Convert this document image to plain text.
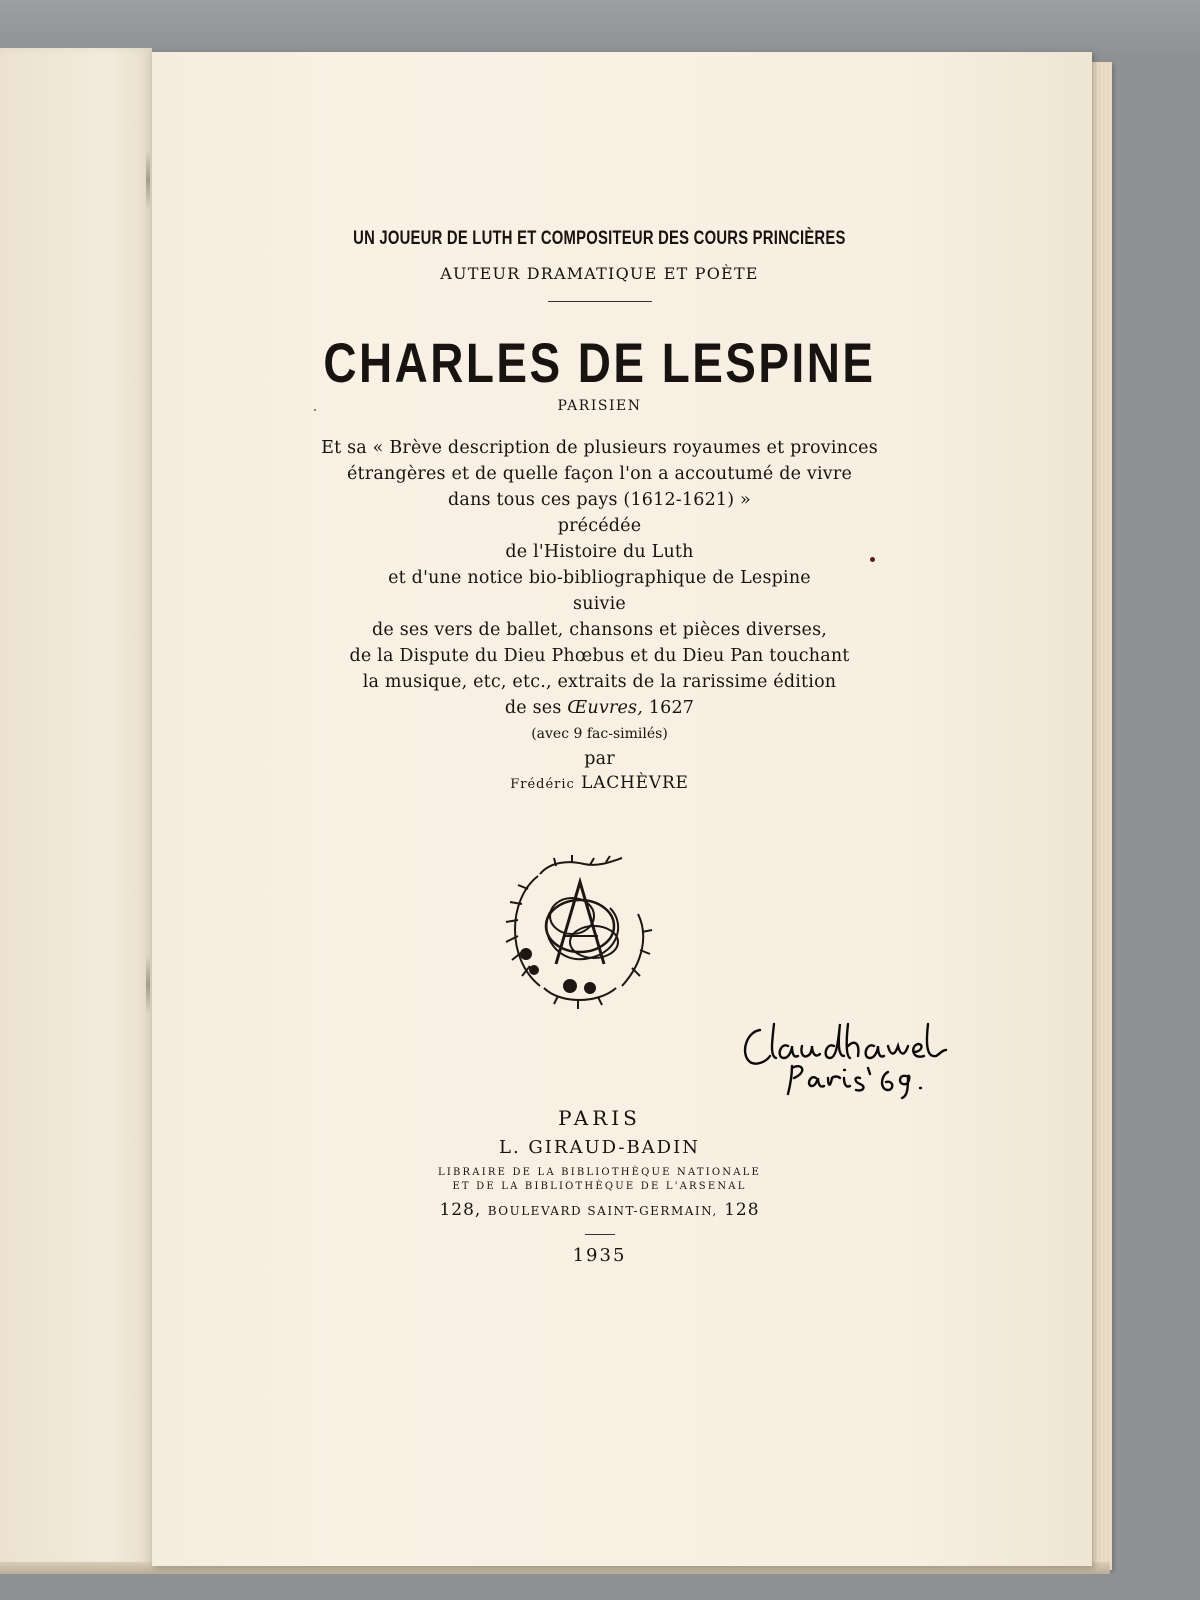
UN JOUEUR DE LUTH ET COMPOSITEUR DES COURS PRINCIÈRES
AUTEUR DRAMATIQUE ET POÈTE
CHARLES DE LESPINE
PARISIEN
Et sa « Brève description de plusieurs royaumes et provinces
étrangères et de quelle façon l'on a accoutumé de vivre
dans tous ces pays (1612-1621) »
précédée
de l'Histoire du Luth
et d'une notice bio-bibliographique de Lespine
suivie
de ses vers de ballet, chansons et pièces diverses,
de la Dispute du Dieu Phœbus et du Dieu Pan touchant
la musique, etc, etc., extraits de la rarissime édition
de ses Œuvres, 1627
(avec 9 fac-similés)
par
Frédéric LACHÈVRE
PARIS
L. GIRAUD-BADIN
LIBRAIRE DE LA BIBLIOTHÈQUE NATIONALE
ET DE LA BIBLIOTHÈQUE DE L'ARSENAL
128, BOULEVARD SAINT-GERMAIN, 128
1935
